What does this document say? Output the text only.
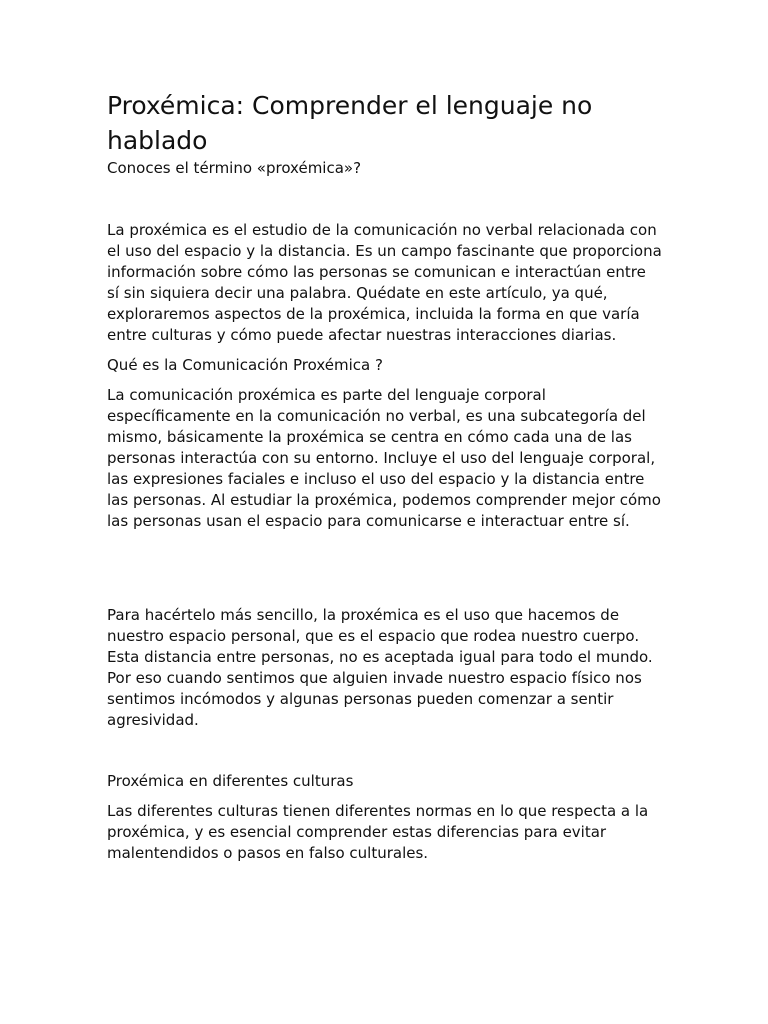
Proxémica: Comprender el lenguaje no hablado

Conoces el término «proxémica»?

La proxémica es el estudio de la comunicación no verbal relacionada con el uso del espacio y la distancia. Es un campo fascinante que proporciona información sobre cómo las personas se comunican e interactúan entre sí sin siquiera decir una palabra. Quédate en este artículo, ya qué, exploraremos aspectos de la proxémica, incluida la forma en que varía entre culturas y cómo puede afectar nuestras interacciones diarias.

Qué es la Comunicación Proxémica ?

La comunicación proxémica es parte del lenguaje corporal específicamente en la comunicación no verbal, es una subcategoría del mismo, básicamente la proxémica se centra en cómo cada una de las personas interactúa con su entorno. Incluye el uso del lenguaje corporal, las expresiones faciales e incluso el uso del espacio y la distancia entre las personas. Al estudiar la proxémica, podemos comprender mejor cómo las personas usan el espacio para comunicarse e interactuar entre sí.

Para hacértelo más sencillo, la proxémica es el uso que hacemos de nuestro espacio personal, que es el espacio que rodea nuestro cuerpo. Esta distancia entre personas, no es aceptada igual para todo el mundo. Por eso cuando sentimos que alguien invade nuestro espacio físico nos sentimos incómodos y algunas personas pueden comenzar a sentir agresividad.

Proxémica en diferentes culturas

Las diferentes culturas tienen diferentes normas en lo que respecta a la proxémica, y es esencial comprender estas diferencias para evitar malentendidos o pasos en falso culturales.
